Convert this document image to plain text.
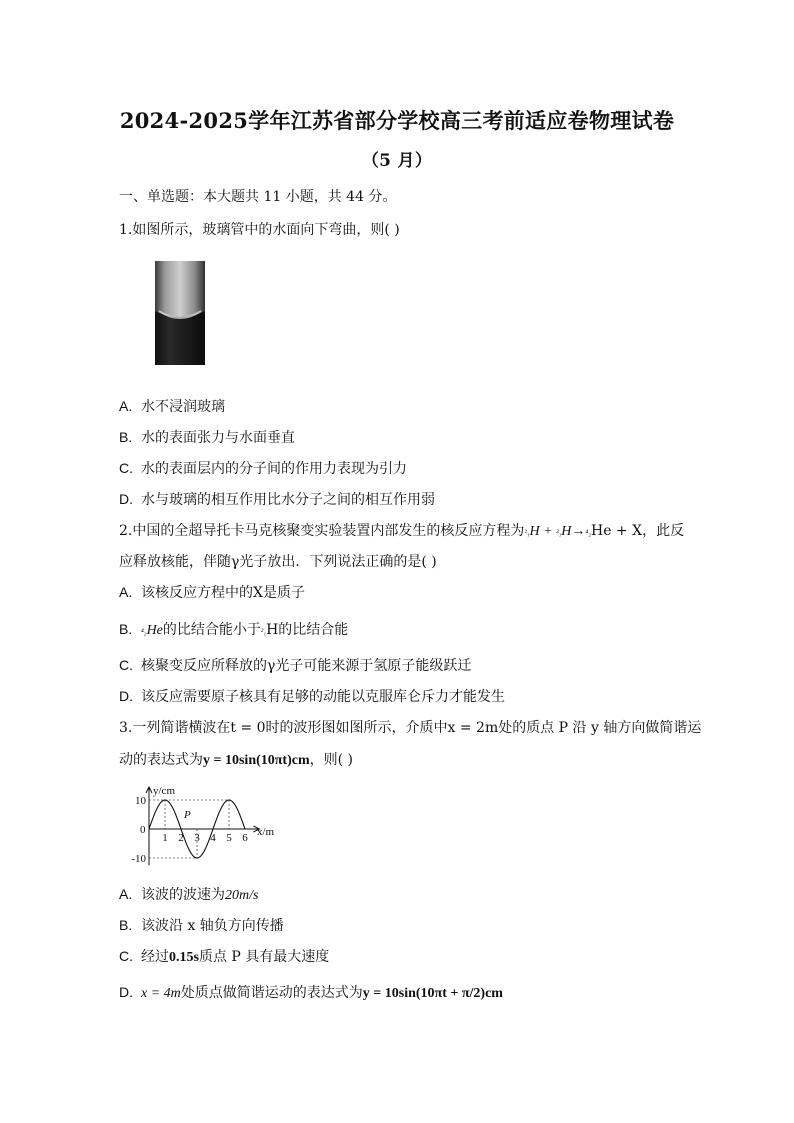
2024-2025学年江苏省部分学校高三考前适应卷物理试卷
（5 月）
一、单选题：本大题共 11 小题，共 44 分。
1.如图所示，玻璃管中的水面向下弯曲，则( )
A. 水不浸润玻璃
B. 水的表面张力与水面垂直
C. 水的表面层内的分子间的作用力表现为引力
D. 水与玻璃的相互作用比水分子之间的相互作用弱
2.中国的全超导托卡马克核聚变实验装置内部发生的核反应方程为²₁H + ³₁H→⁴₂He + X，此反
应释放核能，伴随γ光子放出．下列说法正确的是( )
A. 该核反应方程中的X是质子
B. ⁴₂He的比结合能小于²₁H的比结合能
C. 核聚变反应所释放的γ光子可能来源于氢原子能级跃迁
D. 该反应需要原子核具有足够的动能以克服库仑斥力才能发生
3.一列简谐横波在t = 0时的波形图如图所示，介质中x = 2m处的质点 P 沿 y 轴方向做简谐运
动的表达式为y = 10sin(10πt)cm，则( )
y/cm
x/m
0
P
10
-10
1 2 3 4 5 6
A. 该波的波速为20m/s
B. 该波沿 x 轴负方向传播
C. 经过0.15s质点 P 具有最大速度
D. x = 4m处质点做简谐运动的表达式为y = 10sin(10πt + π/2)cm
